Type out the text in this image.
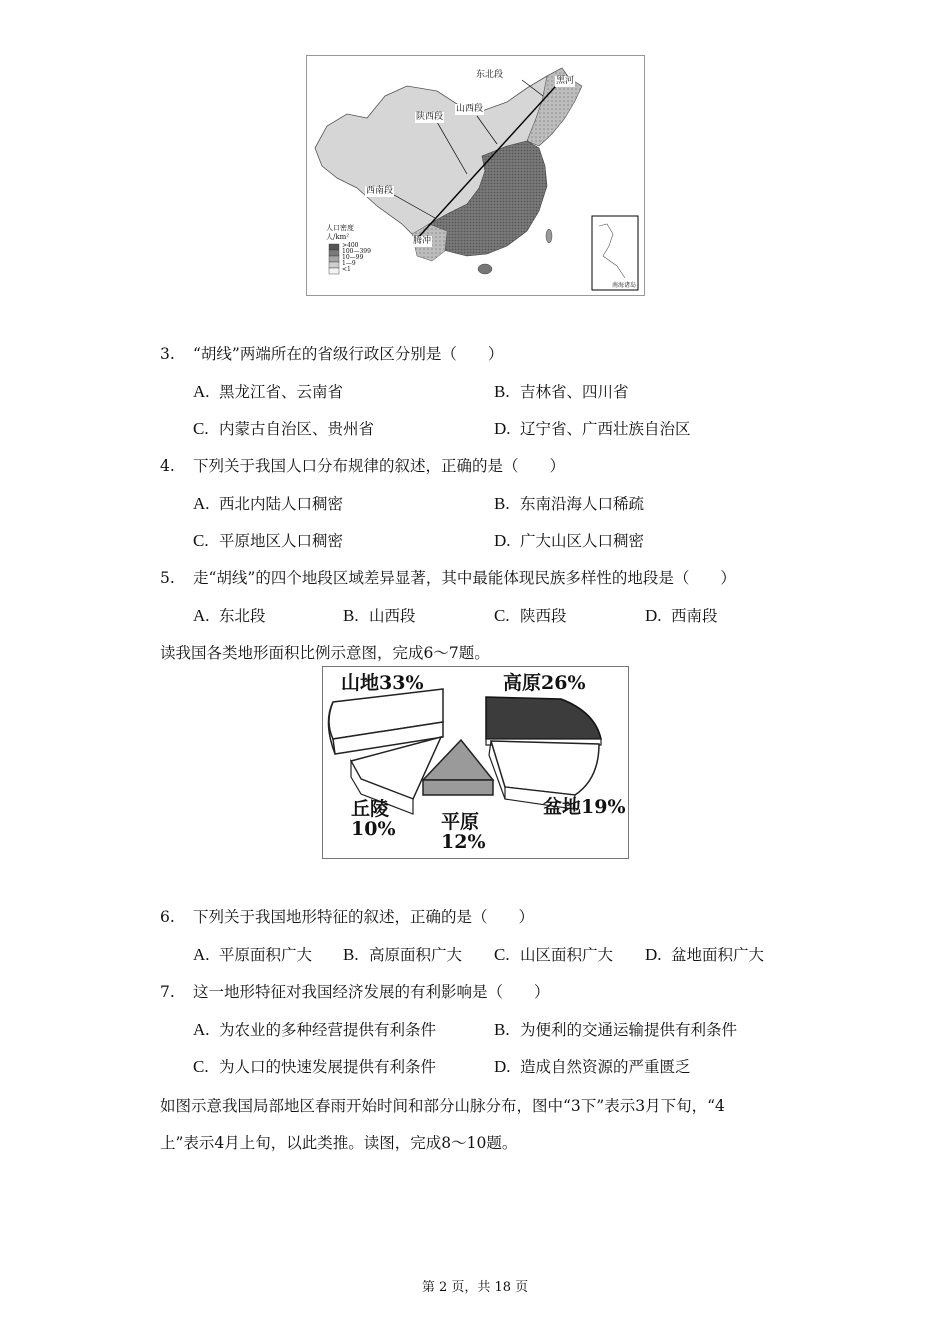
东北段
黑河
山西段
陕西段
西南段
腾冲
人口密度
人/km²
>400
100—399
10—99
1—9
<1
南海诸岛
3. “胡线”两端所在的省级行政区分别是（　　）
A. 黑龙江省、云南省	B. 吉林省、四川省
C. 内蒙古自治区、贵州省	D. 辽宁省、广西壮族自治区
4. 下列关于我国人口分布规律的叙述，正确的是（　　）
A. 西北内陆人口稠密	B. 东南沿海人口稀疏
C. 平原地区人口稠密	D. 广大山区人口稠密
5. 走“胡线”的四个地段区域差异显著，其中最能体现民族多样性的地段是（　　）
A. 东北段	B. 山西段	C. 陕西段	D. 西南段
读我国各类地形面积比例示意图，完成6～7题。
山地33%	高原26%
盆地19%
丘陵
10% 平原
12%
6. 下列关于我国地形特征的叙述，正确的是（　　）
A. 平原面积广大 B. 高原面积广大 C. 山区面积广大 D. 盆地面积广大
7. 这一地形特征对我国经济发展的有利影响是（　　）
A. 为农业的多种经营提供有利条件	B. 为便利的交通运输提供有利条件
C. 为人口的快速发展提供有利条件	D. 造成自然资源的严重匮乏
如图示意我国局部地区春雨开始时间和部分山脉分布，图中“3下”表示3月下旬，“4
上”表示4月上旬，以此类推。读图，完成8～10题。
第 2 页，共 18 页
